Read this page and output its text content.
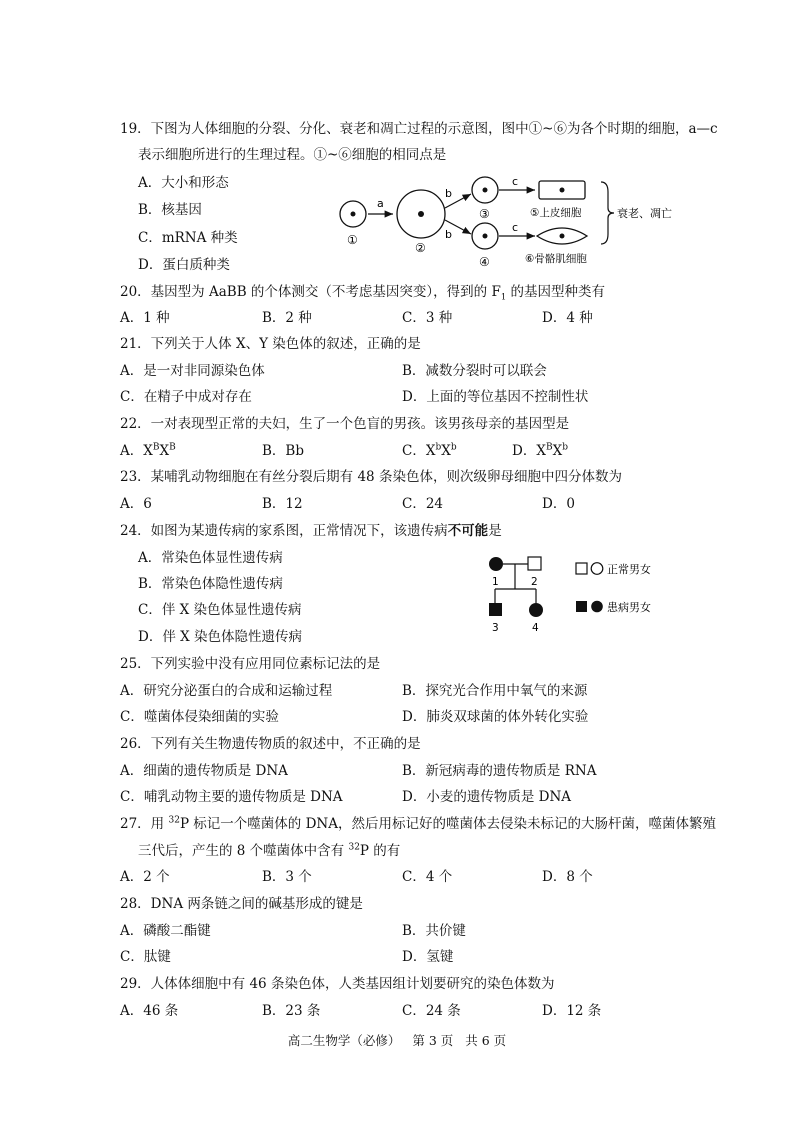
19．下图为人体细胞的分裂、分化、衰老和凋亡过程的示意图，图中①~⑥为各个时期的细胞，a—c
表示细胞所进行的生理过程。①~⑥细胞的相同点是
A．大小和形态
B．核基因
C．mRNA 种类
D．蛋白质种类
a
b
b
c
c
①
②
③
④
⑤上皮细胞
⑥骨骼肌细胞
衰老、凋亡
20．基因型为 AaBB 的个体测交（不考虑基因突变），得到的 $F_1$ 的基因型种类有
A．1 种	B．2 种	C．3 种	D．4 种
21．下列关于人体 X、Y 染色体的叙述，正确的是
A．是一对非同源染色体	B．减数分裂时可以联会
C．在精子中成对存在	D．上面的等位基因不控制性状
22．一对表现型正常的夫妇，生了一个色盲的男孩。该男孩母亲的基因型是
A．$X^BX^B$	B．Bb	C．$X^bX^b$	D．$X^BX^b$
23．某哺乳动物细胞在有丝分裂后期有 48 条染色体，则次级卵母细胞中四分体数为
A．6	B．12	C．24	D．0
24．如图为某遗传病的家系图，正常情况下，该遗传病不可能是
A．常染色体显性遗传病
B．常染色体隐性遗传病
C．伴 X 染色体显性遗传病
D．伴 X 染色体隐性遗传病
1	2
3	4
正常男女
患病男女
25．下列实验中没有应用同位素标记法的是
A．研究分泌蛋白的合成和运输过程	B．探究光合作用中氧气的来源
C．噬菌体侵染细菌的实验	D．肺炎双球菌的体外转化实验
26．下列有关生物遗传物质的叙述中，不正确的是
A．细菌的遗传物质是 DNA	B．新冠病毒的遗传物质是 RNA
C．哺乳动物主要的遗传物质是 DNA	D．小麦的遗传物质是 DNA
27．用 $^{32}$P 标记一个噬菌体的 DNA，然后用标记好的噬菌体去侵染未标记的大肠杆菌，噬菌体繁殖
三代后，产生的 8 个噬菌体中含有 $^{32}$P 的有
A．2 个	B．3 个	C．4 个	D．8 个
28．DNA 两条链之间的碱基形成的键是
A．磷酸二酯键	B．共价键
C．肽键	D．氢键
29．人体体细胞中有 46 条染色体，人类基因组计划要研究的染色体数为
A．46 条	B．23 条	C．24 条	D．12 条
高二生物学（必修） 第 3 页 共 6 页
